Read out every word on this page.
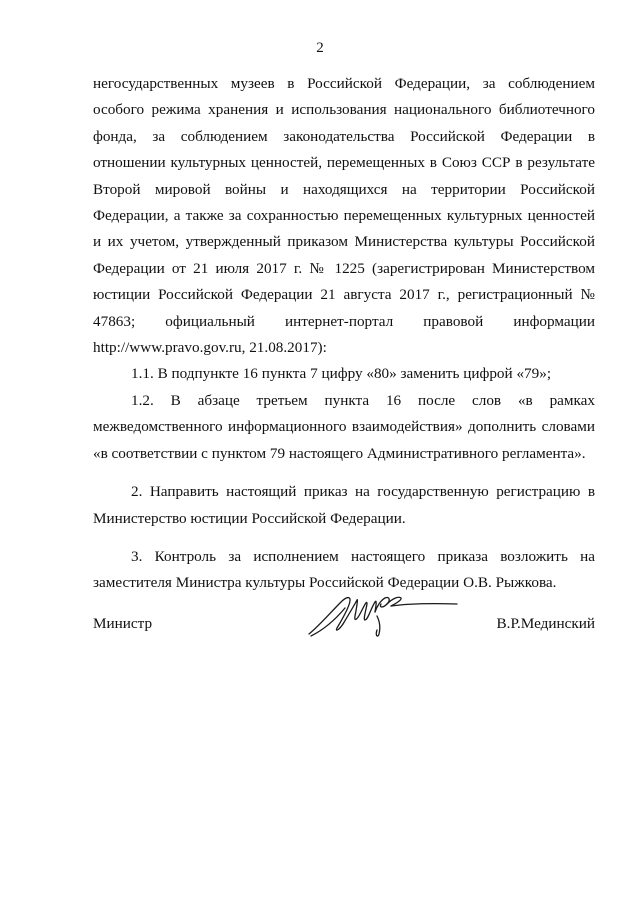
2

негосударственных музеев в Российской Федерации, за соблюдением особого режима хранения и использования национального библиотечного фонда, за соблюдением законодательства Российской Федерации в отношении культурных ценностей, перемещенных в Союз ССР в результате Второй мировой войны и находящихся на территории Российской Федерации, а также за сохранностью перемещенных культурных ценностей и их учетом, утвержденный приказом Министерства культуры Российской Федерации от 21 июля 2017 г. № 1225 (зарегистрирован Министерством юстиции Российской Федерации 21 августа 2017 г., регистрационный № 47863; официальный интернет-портал правовой информации http://www.pravo.gov.ru, 21.08.2017):

1.1. В подпункте 16 пункта 7 цифру «80» заменить цифрой «79»;

1.2. В абзаце третьем пункта 16 после слов «в рамках межведомственного информационного взаимодействия» дополнить словами «в соответствии с пунктом 79 настоящего Административного регламента».

2. Направить настоящий приказ на государственную регистрацию в Министерство юстиции Российской Федерации.

3. Контроль за исполнением настоящего приказа возложить на заместителя Министра культуры Российской Федерации О.В. Рыжкова.

Министр	В.Р.Мединский
